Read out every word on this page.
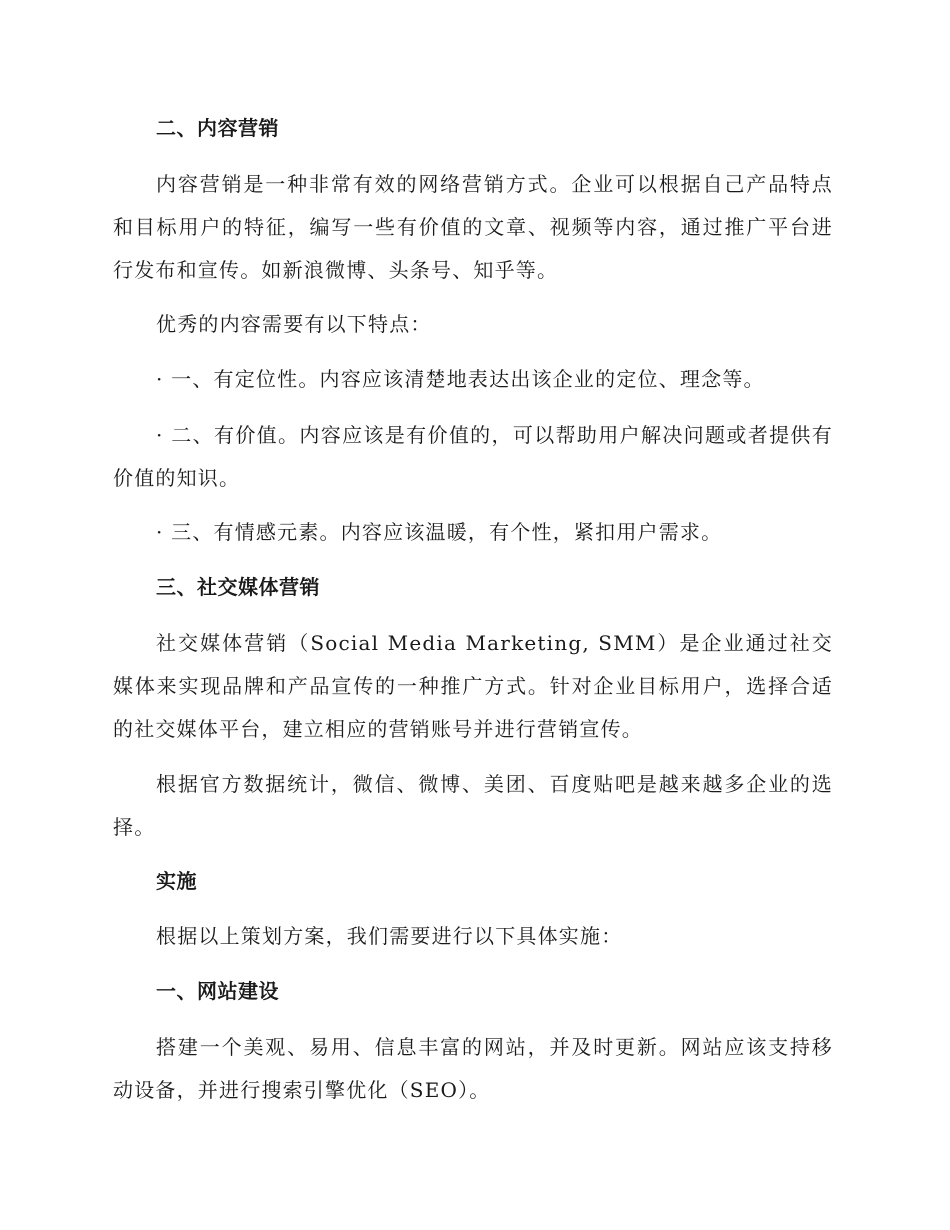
二、内容营销

内容营销是一种非常有效的网络营销方式。企业可以根据自己产品特点和目标用户的特征，编写一些有价值的文章、视频等内容，通过推广平台进行发布和宣传。如新浪微博、头条号、知乎等。

优秀的内容需要有以下特点：

· 一、有定位性。内容应该清楚地表达出该企业的定位、理念等。

· 二、有价值。内容应该是有价值的，可以帮助用户解决问题或者提供有价值的知识。

· 三、有情感元素。内容应该温暖，有个性，紧扣用户需求。

三、社交媒体营销

社交媒体营销（Social Media Marketing, SMM）是企业通过社交媒体来实现品牌和产品宣传的一种推广方式。针对企业目标用户，选择合适的社交媒体平台，建立相应的营销账号并进行营销宣传。

根据官方数据统计，微信、微博、美团、百度贴吧是越来越多企业的选择。

实施

根据以上策划方案，我们需要进行以下具体实施：

一、网站建设

搭建一个美观、易用、信息丰富的网站，并及时更新。网站应该支持移动设备，并进行搜索引擎优化（SEO）。
